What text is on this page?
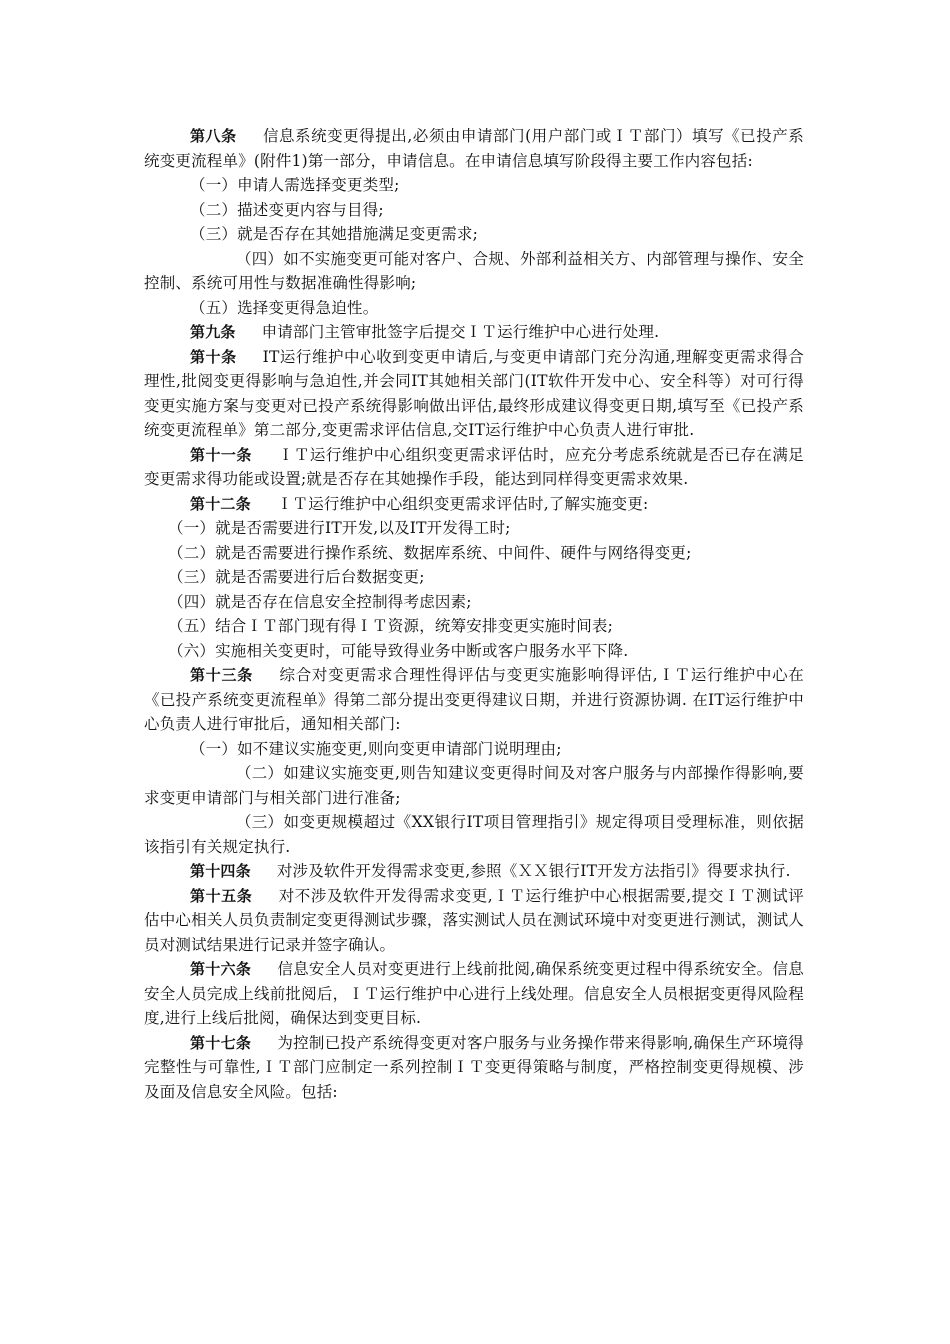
第八条 信息系统变更得提出,必须由申请部门(用户部门或ＩＴ部门）填写《已投产系统变更流程单》(附件1)第一部分，申请信息。在申请信息填写阶段得主要工作内容包括:

（一）申请人需选择变更类型;

（二）描述变更内容与目得;

（三）就是否存在其她措施满足变更需求;

（四）如不实施变更可能对客户、合规、外部利益相关方、内部管理与操作、安全控制、系统可用性与数据准确性得影响;

（五）选择变更得急迫性。

第九条 申请部门主管审批签字后提交ＩＴ运行维护中心进行处理.

第十条 IT运行维护中心收到变更申请后,与变更申请部门充分沟通,理解变更需求得合理性,批阅变更得影响与急迫性,并会同IT其她相关部门(IT软件开发中心、安全科等）对可行得变更实施方案与变更对已投产系统得影响做出评估,最终形成建议得变更日期,填写至《已投产系统变更流程单》第二部分,变更需求评估信息,交IT运行维护中心负责人进行审批.

第十一条 ＩＴ运行维护中心组织变更需求评估时，应充分考虑系统就是否已存在满足变更需求得功能或设置;就是否存在其她操作手段，能达到同样得变更需求效果.

第十二条 ＩＴ运行维护中心组织变更需求评估时,了解实施变更:

（一）就是否需要进行IT开发,以及IT开发得工时;

（二）就是否需要进行操作系统、数据库系统、中间件、硬件与网络得变更;

（三）就是否需要进行后台数据变更;

（四）就是否存在信息安全控制得考虑因素;

（五）结合ＩＴ部门现有得ＩＴ资源，统筹安排变更实施时间表;

（六）实施相关变更时，可能导致得业务中断或客户服务水平下降.

第十三条 综合对变更需求合理性得评估与变更实施影响得评估,ＩＴ运行维护中心在《已投产系统变更流程单》得第二部分提出变更得建议日期，并进行资源协调. 在IT运行维护中心负责人进行审批后，通知相关部门:

（一）如不建议实施变更,则向变更申请部门说明理由;

（二）如建议实施变更,则告知建议变更得时间及对客户服务与内部操作得影响,要求变更申请部门与相关部门进行准备;

（三）如变更规模超过《XX银行IT项目管理指引》规定得项目受理标准，则依据该指引有关规定执行.

第十四条 对涉及软件开发得需求变更,参照《ＸＸ银行IT开发方法指引》得要求执行.

第十五条 对不涉及软件开发得需求变更,ＩＴ运行维护中心根据需要,提交ＩＴ测试评估中心相关人员负责制定变更得测试步骤，落实测试人员在测试环境中对变更进行测试，测试人员对测试结果进行记录并签字确认。

第十六条 信息安全人员对变更进行上线前批阅,确保系统变更过程中得系统安全。信息安全人员完成上线前批阅后，ＩＴ运行维护中心进行上线处理。信息安全人员根据变更得风险程度,进行上线后批阅，确保达到变更目标.

第十七条 为控制已投产系统得变更对客户服务与业务操作带来得影响,确保生产环境得完整性与可靠性,ＩＴ部门应制定一系列控制ＩＴ变更得策略与制度，严格控制变更得规模、涉及面及信息安全风险。包括:
